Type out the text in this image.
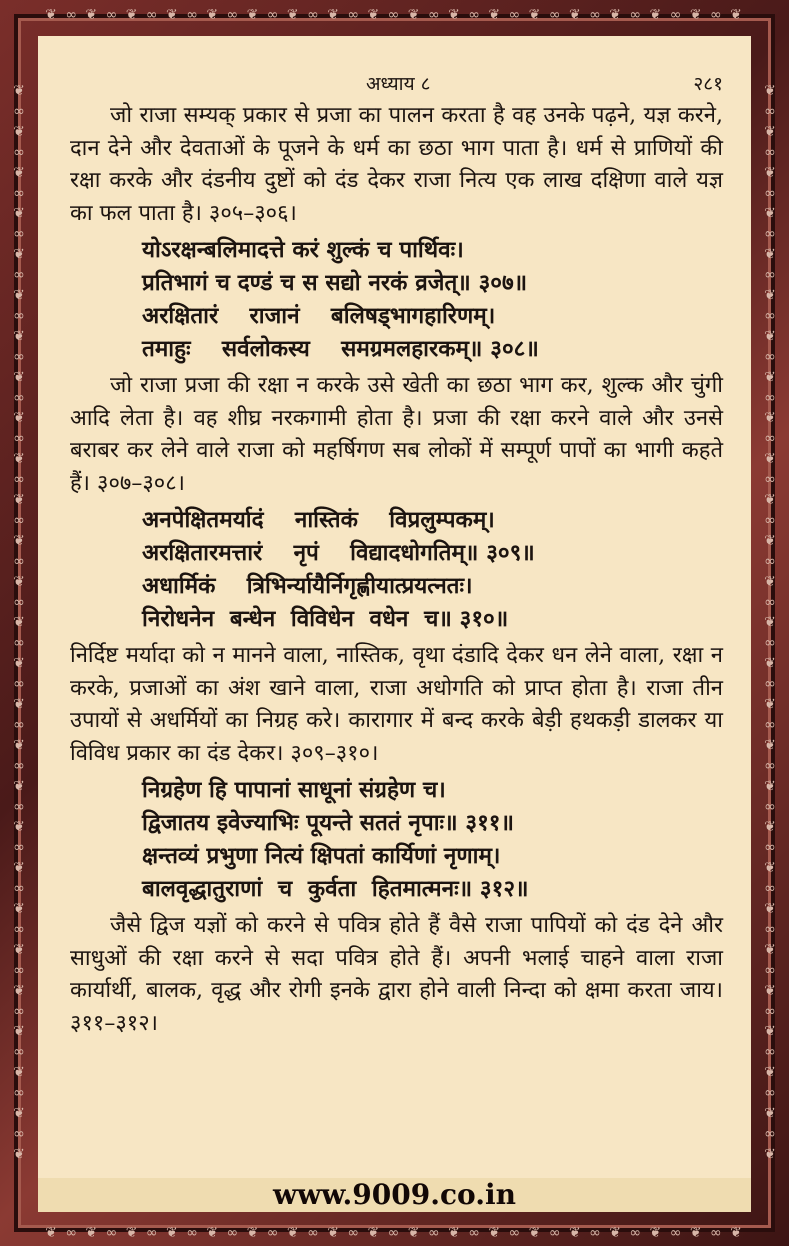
❦ ∞ ❦ ∞ ❦ ∞ ❦ ∞ ❦ ∞ ❦ ∞ ❦ ∞ ❦ ∞ ❦ ∞ ❦ ∞ ❦ ∞ ❦ ∞ ❦ ∞ ❦ ∞ ❦ ∞ ❦ ∞ ❦ ∞ ❦
❦ ∞ ❦ ∞ ❦ ∞ ❦ ∞ ❦ ∞ ❦ ∞ ❦ ∞ ❦ ∞ ❦ ∞ ❦ ∞ ❦ ∞ ❦ ∞ ❦ ∞ ❦ ∞ ❦ ∞ ❦ ∞ ❦ ∞ ❦ ∞ ❦ ∞ ❦ ∞ ❦ ∞ ❦ ∞ ❦ ∞ ❦ ∞ ❦ ∞ ❦ ∞ ❦	❦ ∞ ❦ ∞ ❦ ∞ ❦ ∞ ❦ ∞ ❦ ∞ ❦ ∞ ❦ ∞ ❦ ∞ ❦ ∞ ❦ ∞ ❦ ∞ ❦ ∞ ❦ ∞ ❦ ∞ ❦ ∞ ❦ ∞ ❦ ∞ ❦ ∞ ❦ ∞ ❦ ∞ ❦ ∞ ❦ ∞ ❦ ∞ ❦ ∞ ❦ ∞ ❦
❦ ∞ ❦ ∞ ❦ ∞ ❦ ∞ ❦ ∞ ❦ ∞ ❦ ∞ ❦ ∞ ❦ ∞ ❦ ∞ ❦ ∞ ❦ ∞ ❦ ∞ ❦ ∞ ❦ ∞ ❦ ∞ ❦ ∞ ❦
अध्याय ८	२८१

जो राजा सम्यक् प्रकार से प्रजा का पालन करता है वह उनके पढ़ने, यज्ञ करने, दान देने और देवताओं के पूजने के धर्म का छठा भाग पाता है। धर्म से प्राणियों की रक्षा करके और दंडनीय दुष्टों को दंड देकर राजा नित्य एक लाख दक्षिणा वाले यज्ञ का फल पाता है। ३०५–३०६।

योऽरक्षन्बलिमादत्ते करं शुल्कं च पार्थिवः।
प्रतिभागं च दण्डं च स सद्यो नरकं व्रजेत्॥ ३०७॥
अरक्षितारं    राजानं    बलिषड्भागहारिणम्।
तमाहुः    सर्वलोकस्य    समग्रमलहारकम्॥ ३०८॥

जो राजा प्रजा की रक्षा न करके उसे खेती का छठा भाग कर, शुल्क और चुंगी आदि लेता है। वह शीघ्र नरकगामी होता है। प्रजा की रक्षा करने वाले और उनसे बराबर कर लेने वाले राजा को महर्षिगण सब लोकों में सम्पूर्ण पापों का भागी कहते हैं। ३०७–३०८।

अनपेक्षितमर्यादं    नास्तिकं    विप्रलुम्पकम्।
अरक्षितारमत्तारं    नृपं    विद्यादधोगतिम्॥ ३०९॥
अधार्मिकं    त्रिभिर्न्यायैर्निगृह्णीयात्प्रयत्नतः।
निरोधनेन  बन्धेन  विविधेन  वधेन  च॥ ३१०॥

निर्दिष्ट मर्यादा को न मानने वाला, नास्तिक, वृथा दंडादि देकर धन लेने वाला, रक्षा न करके, प्रजाओं का अंश खाने वाला, राजा अधोगति को प्राप्त होता है। राजा तीन उपायों से अधर्मियों का निग्रह करे। कारागार में बन्द करके बेड़ी हथकड़ी डालकर या विविध प्रकार का दंड देकर। ३०९–३१०।

निग्रहेण हि पापानां साधूनां संग्रहेण च।
द्विजातय इवेज्याभिः पूयन्ते सततं नृपाः॥ ३११॥
क्षन्तव्यं प्रभुणा नित्यं क्षिपतां कार्यिणां नृणाम्।
बालवृद्धातुराणां  च  कुर्वता  हितमात्मनः॥ ३१२॥

जैसे द्विज यज्ञों को करने से पवित्र होते हैं वैसे राजा पापियों को दंड देने और साधुओं की रक्षा करने से सदा पवित्र होते हैं। अपनी भलाई चाहने वाला राजा कार्यार्थी, बालक, वृद्ध और रोगी इनके द्वारा होने वाली निन्दा को क्षमा करता जाय। ३११–३१२।

www.9009.co.in
